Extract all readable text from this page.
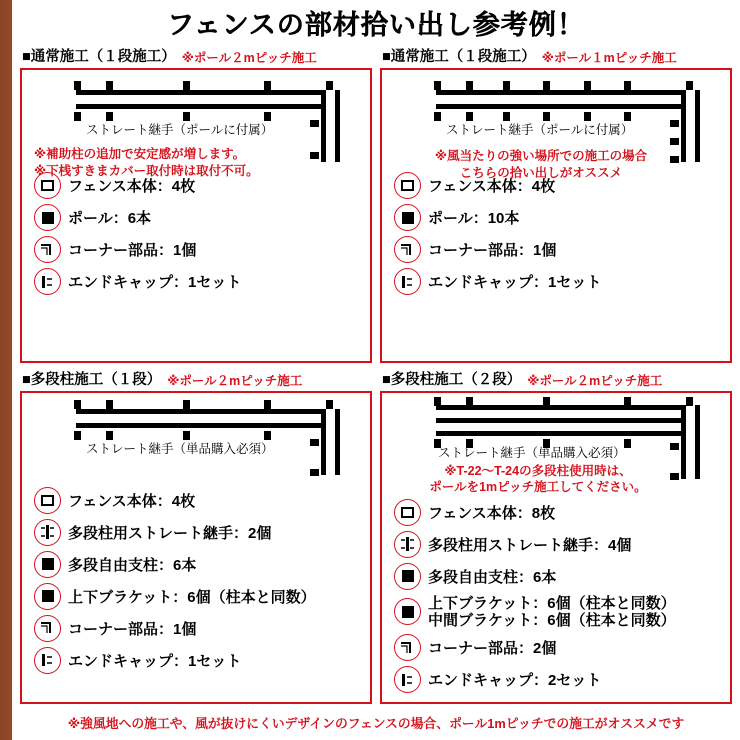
フェンスの部材拾い出し参考例！
■通常施工（１段施工） ※ポール２mピッチ施工
ストレート継手（ポールに付属）
※補助柱の追加で安定感が増します。
※下桟すきまカバー取付時は取付不可。
フェンス本体：4枚
ポール：6本
コーナー部品：1個
エンドキャップ：1セット
■通常施工（１段施工） ※ポール１mピッチ施工
ストレート継手（ポールに付属）
※風当たりの強い場所での施工の場合
こちらの拾い出しがオススメ
フェンス本体：4枚
ポール：10本
コーナー部品：1個
エンドキャップ：1セット
■多段柱施工（１段） ※ポール２mピッチ施工
ストレート継手（単品購入必須）
フェンス本体：4枚
多段柱用ストレート継手：2個
多段自由支柱：6本
上下ブラケット：6個（柱本と同数）
コーナー部品：1個
エンドキャップ：1セット
■多段柱施工（２段） ※ポール２mピッチ施工
ストレート継手（単品購入必須）
※T-22～T-24の多段柱使用時は、
ポールを1mピッチ施工してください。
フェンス本体：8枚
多段柱用ストレート継手：4個
多段自由支柱：6本
上下ブラケット：6個（柱本と同数）
中間ブラケット：6個（柱本と同数）
コーナー部品：2個
エンドキャップ：2セット
※強風地への施工や、風が抜けにくいデザインのフェンスの場合、ポール1mピッチでの施工がオススメです
